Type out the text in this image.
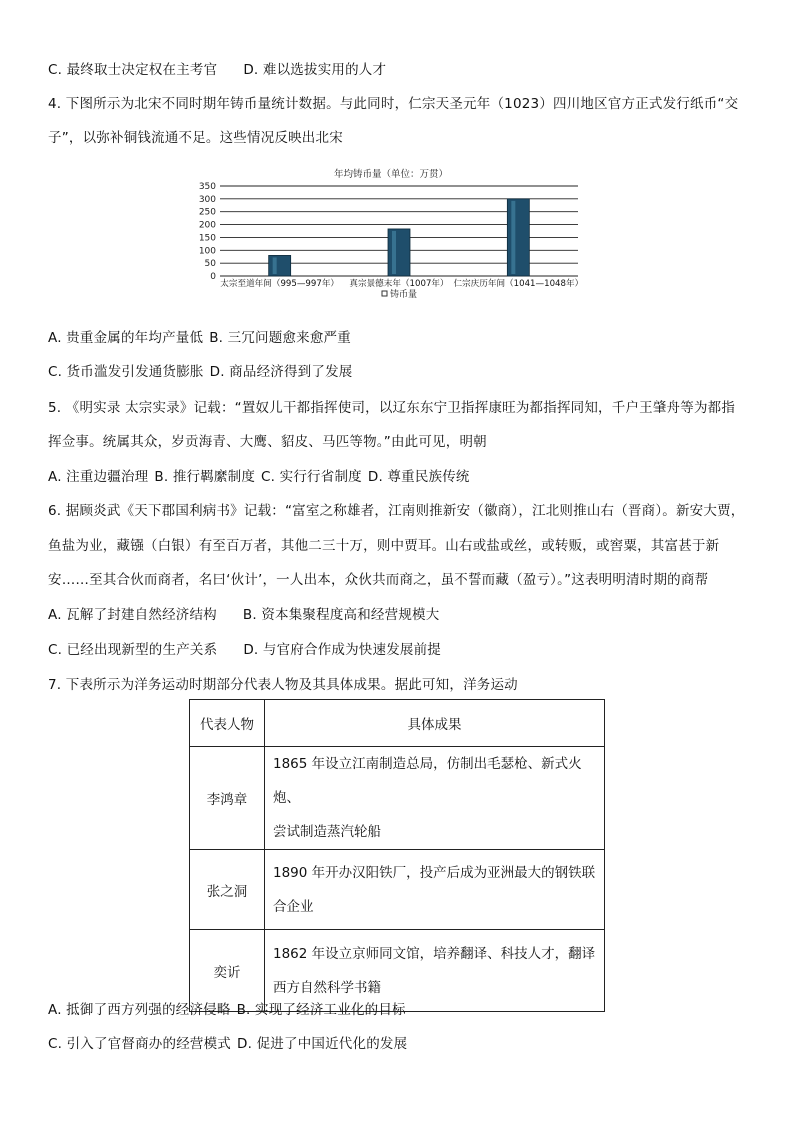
C. 最终取士决定权在主考官 D. 难以选拔实用的人才
4. 下图所示为北宋不同时期年铸币量统计数据。与此同时，仁宗天圣元年（1023）四川地区官方正式发行纸币“交
子”，以弥补铜钱流通不足。这些情况反映出北宋
年均铸币量（单位：万贯）
0
50
100
150
200
250
300
350
太宗至道年间（995—997年） 真宗景德末年（1007年） 仁宗庆历年间（1041—1048年）
铸币量
A. 贵重金属的年均产量低 B. 三冗问题愈来愈严重
C. 货币滥发引发通货膨胀 D. 商品经济得到了发展
5. 《明实录 太宗实录》记载：“置奴儿干都指挥使司，以辽东东宁卫指挥康旺为都指挥同知，千户王肇舟等为都指
挥佥事。统属其众，岁贡海青、大鹰、貂皮、马匹等物。”由此可见，明朝
A. 注重边疆治理 B. 推行羁縻制度 C. 实行行省制度 D. 尊重民族传统
6. 据顾炎武《天下郡国利病书》记载：“富室之称雄者，江南则推新安（徽商），江北则推山右（晋商）。新安大贾，
鱼盐为业，藏镪（白银）有至百万者，其他二三十万，则中贾耳。山右或盐或丝，或转贩，或窖粟，其富甚于新
安……至其合伙而商者，名曰‘伙计’，一人出本，众伙共而商之，虽不誓而藏（盈亏）。”这表明明清时期的商帮
A. 瓦解了封建自然经济结构 B. 资本集聚程度高和经营规模大
C. 已经出现新型的生产关系 D. 与官府合作成为快速发展前提
7. 下表所示为洋务运动时期部分代表人物及其具体成果。据此可知，洋务运动
代表人物	具体成果
李鸿章	1865 年设立江南制造总局，仿制出毛瑟枪、新式火炮、
尝试制造蒸汽轮船

张之洞	1890 年开办汉阳铁厂，投产后成为亚洲最大的钢铁联
合企业

奕䜣	1862 年设立京师同文馆，培养翻译、科技人才，翻译
西方自然科学书籍
A. 抵御了西方列强的经济侵略 B. 实现了经济工业化的目标
C. 引入了官督商办的经营模式 D. 促进了中国近代化的发展
